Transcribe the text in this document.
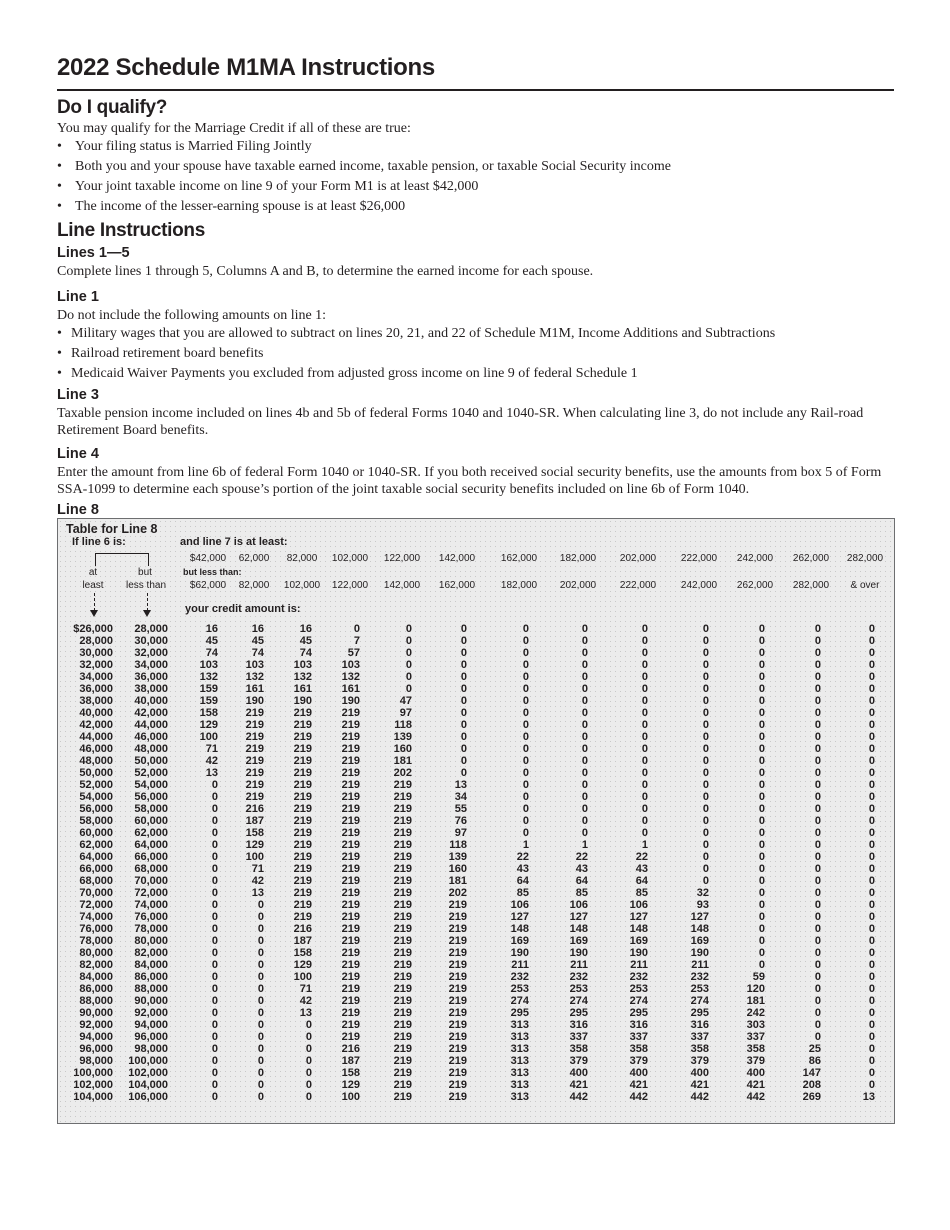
2022 Schedule M1MA Instructions
Do I qualify?

You may qualify for the Marriage Credit if all of these are true:

• Your filing status is Married Filing Jointly
• Both you and your spouse have taxable earned income, taxable pension, or taxable Social Security income
• Your joint taxable income on line 9 of your Form M1 is at least $42,000
• The income of the lesser-earning spouse is at least $26,000
Line Instructions
Lines 1—5

Complete lines 1 through 5, Columns A and B, to determine the earned income for each spouse.

Line 1

Do not include the following amounts on line 1:

• Military wages that you are allowed to subtract on lines 20, 21, and 22 of Schedule M1M, Income Additions and Subtractions
• Railroad retirement board benefits
• Medicaid Waiver Payments you excluded from adjusted gross income on line 9 of federal Schedule 1
Line 3

Taxable pension income included on lines 4b and 5b of federal Forms 1040 and 1040-SR. When calculating line 3, do not include any Rail-road Retirement Board benefits.

Line 4

Enter the amount from line 6b of federal Form 1040 or 1040-SR. If you both received social security benefits, use the amounts from box 5 of Form SSA-1099 to determine each spouse’s portion of the joint taxable social security benefits included on line 6b of Form 1040.

Line 8
Table for Line 8
If line 6 is:	and line 7 is at least:
at
least
but
less than
but less than:
your credit amount is:
$42,000	62,000	82,000	102,000	122,000	142,000	162,000	182,000	202,000	222,000	242,000	262,000	282,000
$62,000	82,000	102,000	122,000	142,000	162,000	182,000	202,000	222,000	242,000	262,000	282,000	& over
$26,000	28,000	16	16	16	0	0	0	0	0	0	0	0	0	0
28,000	30,000	45	45	45	7	0	0	0	0	0	0	0	0	0
30,000	32,000	74	74	74	57	0	0	0	0	0	0	0	0	0
32,000	34,000	103	103	103	103	0	0	0	0	0	0	0	0	0
34,000	36,000	132	132	132	132	0	0	0	0	0	0	0	0	0
36,000	38,000	159	161	161	161	0	0	0	0	0	0	0	0	0
38,000	40,000	159	190	190	190	47	0	0	0	0	0	0	0	0
40,000	42,000	158	219	219	219	97	0	0	0	0	0	0	0	0
42,000	44,000	129	219	219	219	118	0	0	0	0	0	0	0	0
44,000	46,000	100	219	219	219	139	0	0	0	0	0	0	0	0
46,000	48,000	71	219	219	219	160	0	0	0	0	0	0	0	0
48,000	50,000	42	219	219	219	181	0	0	0	0	0	0	0	0
50,000	52,000	13	219	219	219	202	0	0	0	0	0	0	0	0
52,000	54,000	0	219	219	219	219	13	0	0	0	0	0	0	0
54,000	56,000	0	219	219	219	219	34	0	0	0	0	0	0	0
56,000	58,000	0	216	219	219	219	55	0	0	0	0	0	0	0
58,000	60,000	0	187	219	219	219	76	0	0	0	0	0	0	0
60,000	62,000	0	158	219	219	219	97	0	0	0	0	0	0	0
62,000	64,000	0	129	219	219	219	118	1	1	1	0	0	0	0
64,000	66,000	0	100	219	219	219	139	22	22	22	0	0	0	0
66,000	68,000	0	71	219	219	219	160	43	43	43	0	0	0	0
68,000	70,000	0	42	219	219	219	181	64	64	64	0	0	0	0
70,000	72,000	0	13	219	219	219	202	85	85	85	32	0	0	0
72,000	74,000	0	0	219	219	219	219	106	106	106	93	0	0	0
74,000	76,000	0	0	219	219	219	219	127	127	127	127	0	0	0
76,000	78,000	0	0	216	219	219	219	148	148	148	148	0	0	0
78,000	80,000	0	0	187	219	219	219	169	169	169	169	0	0	0
80,000	82,000	0	0	158	219	219	219	190	190	190	190	0	0	0
82,000	84,000	0	0	129	219	219	219	211	211	211	211	0	0	0
84,000	86,000	0	0	100	219	219	219	232	232	232	232	59	0	0
86,000	88,000	0	0	71	219	219	219	253	253	253	253	120	0	0
88,000	90,000	0	0	42	219	219	219	274	274	274	274	181	0	0
90,000	92,000	0	0	13	219	219	219	295	295	295	295	242	0	0
92,000	94,000	0	0	0	219	219	219	313	316	316	316	303	0	0
94,000	96,000	0	0	0	219	219	219	313	337	337	337	337	0	0
96,000	98,000	0	0	0	216	219	219	313	358	358	358	358	25	0
98,000	100,000	0	0	0	187	219	219	313	379	379	379	379	86	0
100,000	102,000	0	0	0	158	219	219	313	400	400	400	400	147	0
102,000	104,000	0	0	0	129	219	219	313	421	421	421	421	208	0
104,000	106,000	0	0	0	100	219	219	313	442	442	442	442	269	13
